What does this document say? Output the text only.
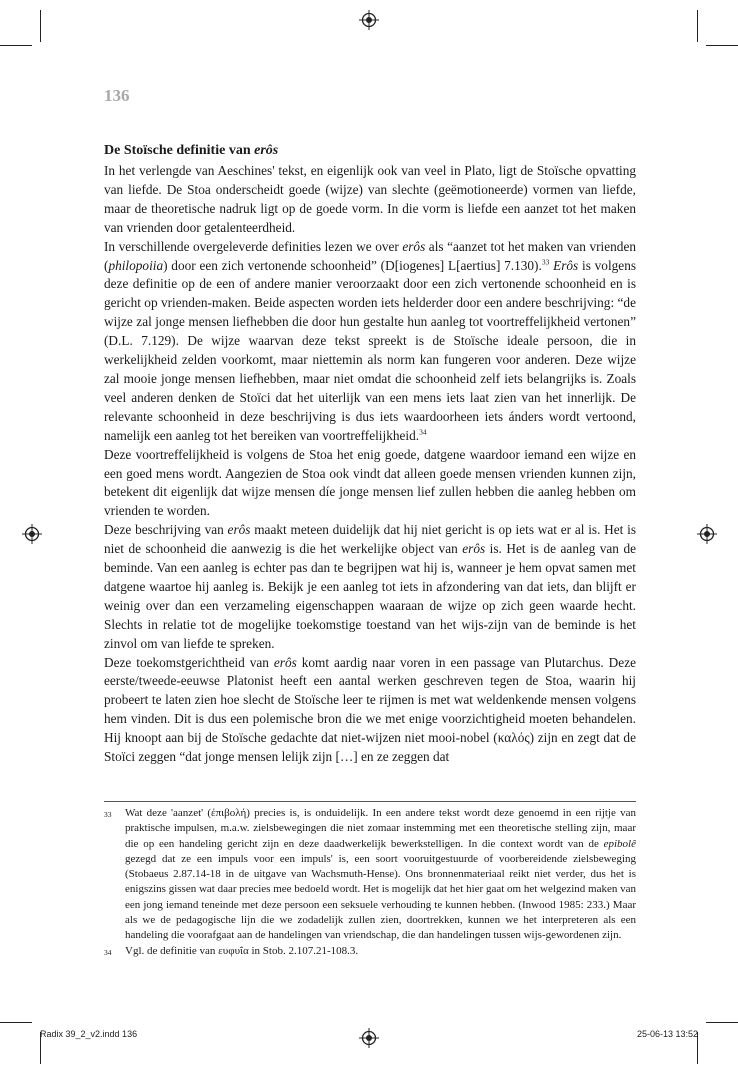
136
De Stoïsche definitie van erôs

In het verlengde van Aeschines' tekst, en eigenlijk ook van veel in Plato, ligt de Stoïsche opvatting van liefde. De Stoa onderscheidt goede (wijze) van slechte (geëmotioneerde) vormen van liefde, maar de theoretische nadruk ligt op de goede vorm. In die vorm is liefde een aanzet tot het maken van vrienden door getalenteerdheid.

In verschillende overgeleverde definities lezen we over erôs als “aanzet tot het maken van vrienden (philopoiia) door een zich vertonende schoonheid” (D[iogenes] L[aertius] 7.130).$^{33}$ Erôs is volgens deze definitie op de een of andere manier veroorzaakt door een zich vertonende schoonheid en is gericht op vrienden-maken. Beide aspecten worden iets helderder door een andere beschrijving: “de wijze zal jonge mensen liefhebben die door hun gestalte hun aanleg tot voortreffelijkheid vertonen” (D.L. 7.129). De wijze waarvan deze tekst spreekt is de Stoïsche ideale persoon, die in werkelijkheid zelden voorkomt, maar niettemin als norm kan fungeren voor anderen. Deze wijze zal mooie jonge mensen liefhebben, maar niet omdat die schoonheid zelf iets belangrijks is. Zoals veel anderen denken de Stoïci dat het uiterlijk van een mens iets laat zien van het innerlijk. De relevante schoonheid in deze beschrijving is dus iets waardoorheen iets ánders wordt vertoond, namelijk een aanleg tot het bereiken van voortreffelijkheid.$^{34}$

Deze voortreffelijkheid is volgens de Stoa het enig goede, datgene waardoor iemand een wijze en een goed mens wordt. Aangezien de Stoa ook vindt dat alleen goede mensen vrienden kunnen zijn, betekent dit eigenlijk dat wijze mensen díe jonge mensen lief zullen hebben die aanleg hebben om vrienden te worden.

Deze beschrijving van erôs maakt meteen duidelijk dat hij niet gericht is op iets wat er al is. Het is niet de schoonheid die aanwezig is die het werkelijke object van erôs is. Het is de aanleg van de beminde. Van een aanleg is echter pas dan te begrijpen wat hij is, wanneer je hem opvat samen met datgene waartoe hij aanleg is. Bekijk je een aanleg tot iets in afzondering van dat iets, dan blijft er weinig over dan een verzameling eigenschappen waaraan de wijze op zich geen waarde hecht. Slechts in relatie tot de mogelijke toekomstige toestand van het wijs-zijn van de beminde is het zinvol om van liefde te spreken.

Deze toekomstgerichtheid van erôs komt aardig naar voren in een passage van Plutarchus. Deze eerste/tweede-eeuwse Platonist heeft een aantal werken geschreven tegen de Stoa, waarin hij probeert te laten zien hoe slecht de Stoïsche leer te rijmen is met wat weldenkende mensen volgens hem vinden. Dit is dus een polemische bron die we met enige voorzichtigheid moeten behandelen. Hij knoopt aan bij de Stoïsche gedachte dat niet-wijzen niet mooi-nobel (καλός) zijn en zegt dat de Stoïci zeggen “dat jonge mensen lelijk zijn […] en ze zeggen dat

33 Wat deze 'aanzet' (ἐπιβολή) precies is, is onduidelijk. In een andere tekst wordt deze genoemd in een rijtje van praktische impulsen, m.a.w. zielsbewegingen die niet zomaar instemming met een theoretische stelling zijn, maar die op een handeling gericht zijn en deze daadwerkelijk bewerkstelligen. In die context wordt van de epibolê gezegd dat ze een impuls voor een impuls' is, een soort vooruitgestuurde of voorbereidende zielsbeweging (Stobaeus 2.87.14-18 in de uitgave van Wachsmuth-Hense). Ons bronnenmateriaal reikt niet verder, dus het is enigszins gissen wat daar precies mee bedoeld wordt. Het is mogelijk dat het hier gaat om het welgezind maken van een jong iemand teneinde met deze persoon een seksuele verhouding te kunnen hebben. (Inwood 1985: 233.) Maar als we de pedagogische lijn die we zodadelijk zullen zien, doortrekken, kunnen we het interpreteren als een handeling die voorafgaat aan de handelingen van vriendschap, die dan handelingen tussen wijs-gewordenen zijn.

34 Vgl. de definitie van ευφυΐα in Stob. 2.107.21-108.3.

Radix 39_2_v2.indd 136	25-06-13 13:52
